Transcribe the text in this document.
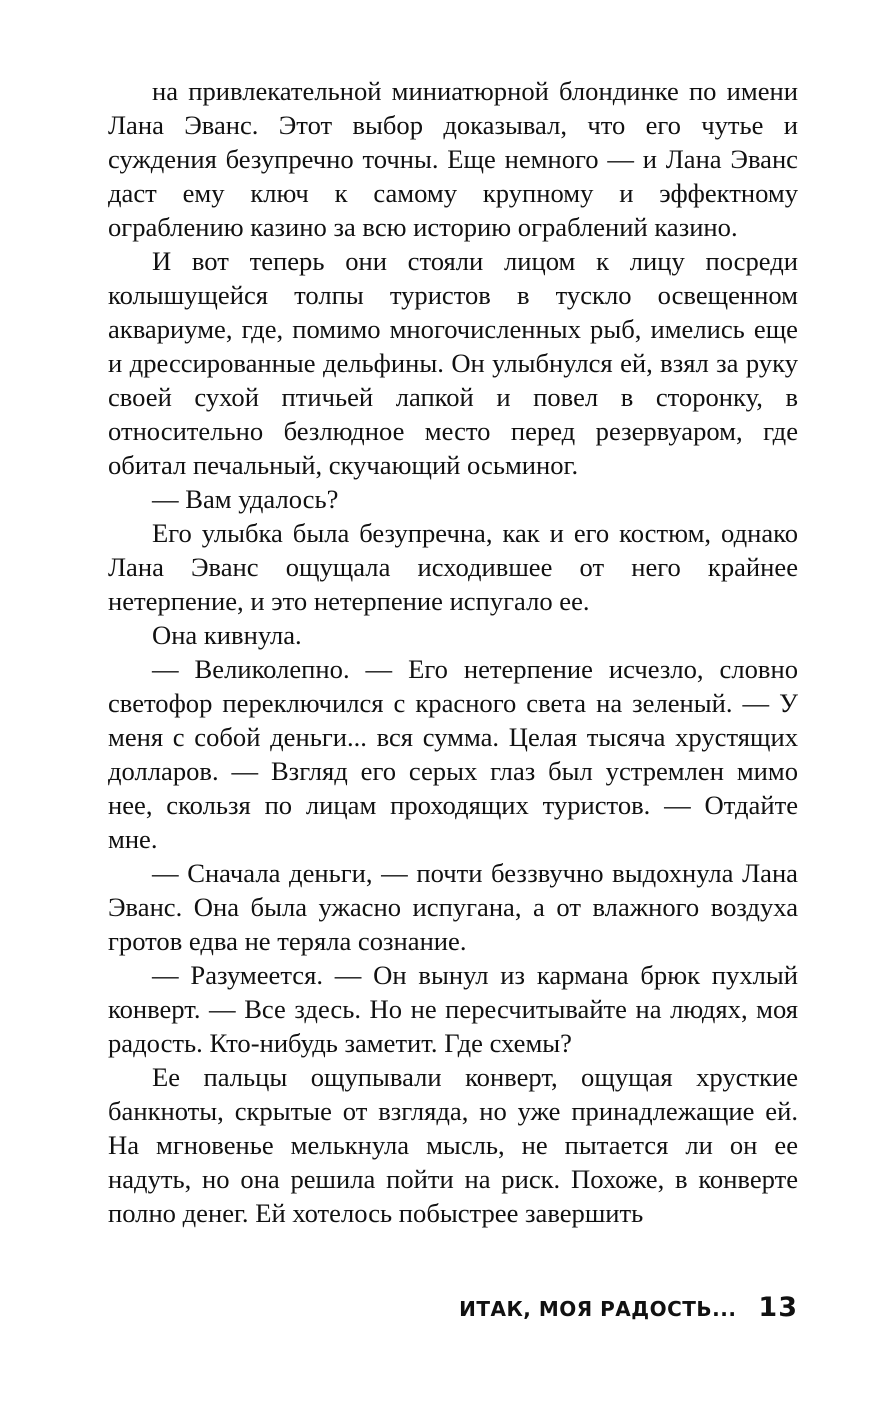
на привлекательной миниатюрной блондинке по имени Лана Эванс. Этот выбор доказывал, что его чутье и суждения безупречно точны. Еще немного — и Лана Эванс даст ему ключ к самому крупному и эффектному ограблению казино за всю историю ограблений казино.

И вот теперь они стояли лицом к лицу посреди колышущейся толпы туристов в тускло освещенном аквариуме, где, помимо многочисленных рыб, имелись еще и дрессированные дельфины. Он улыбнулся ей, взял за руку своей сухой птичьей лапкой и повел в сторонку, в относительно безлюдное место перед резервуаром, где обитал печальный, скучающий осьминог.

— Вам удалось?

Его улыбка была безупречна, как и его костюм, однако Лана Эванс ощущала исходившее от него крайнее нетерпение, и это нетерпение испугало ее.

Она кивнула.

— Великолепно. — Его нетерпение исчезло, словно светофор переключился с красного света на зеленый. — У меня с собой деньги... вся сумма. Целая тысяча хрустящих долларов. — Взгляд его серых глаз был устремлен мимо нее, скользя по лицам проходящих туристов. — Отдайте мне.

— Сначала деньги, — почти беззвучно выдохнула Лана Эванс. Она была ужасно испугана, а от влажного воздуха гротов едва не теряла сознание.

— Разумеется. — Он вынул из кармана брюк пухлый конверт. — Все здесь. Но не пересчитывайте на людях, моя радость. Кто-нибудь заметит. Где схемы?

Ее пальцы ощупывали конверт, ощущая хрусткие банкноты, скрытые от взгляда, но уже принадлежащие ей. На мгновенье мелькнула мысль, не пытается ли он ее надуть, но она решила пойти на риск. Похоже, в конверте полно денег. Ей хотелось побыстрее завершить

ИТАК, МОЯ РАДОСТЬ... 13
